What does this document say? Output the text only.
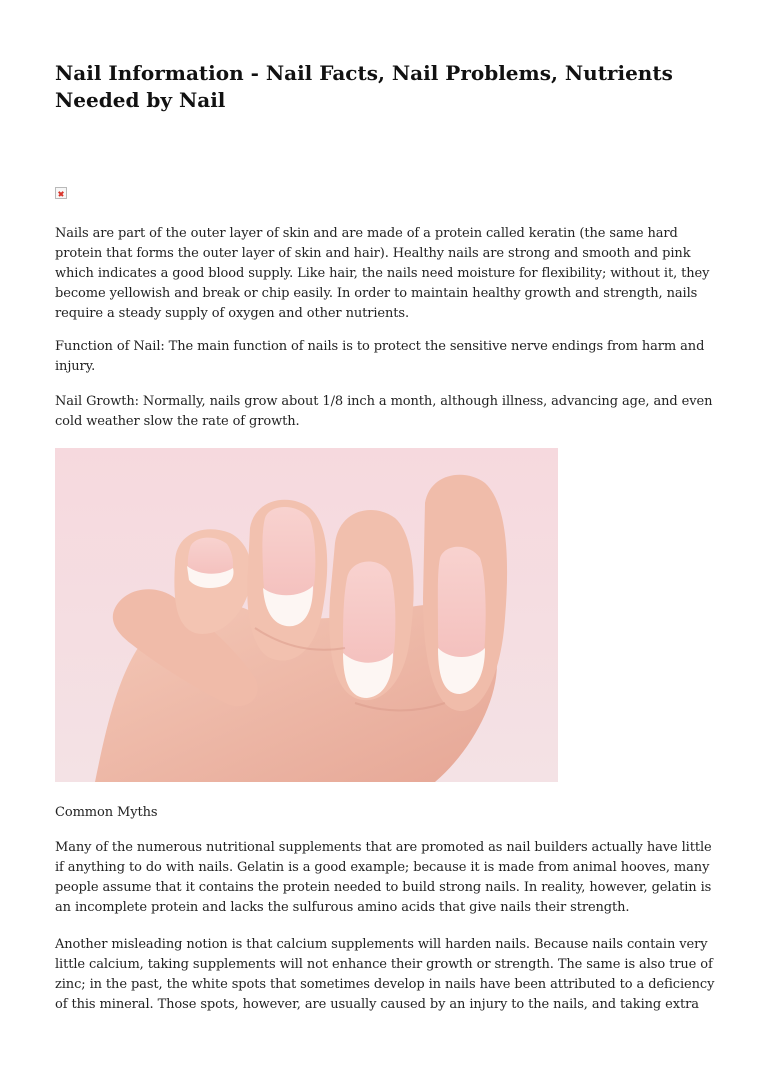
Nail Information - Nail Facts, Nail Problems, Nutrients Needed by Nail

Nails are part of the outer layer of skin and are made of a protein called keratin (the same hard protein that forms the outer layer of skin and hair). Healthy nails are strong and smooth and pink which indicates a good blood supply. Like hair, the nails need moisture for flexibility; without it, they become yellowish and break or chip easily. In order to maintain healthy growth and strength, nails require a steady supply of oxygen and other nutrients.

Function of Nail: The main function of nails is to protect the sensitive nerve endings from harm and injury.

Nail Growth: Normally, nails grow about 1/8 inch a month, although illness, advancing age, and even cold weather slow the rate of growth.

Common Myths

Many of the numerous nutritional supplements that are promoted as nail builders actually have little if anything to do with nails. Gelatin is a good example; because it is made from animal hooves, many people assume that it contains the protein needed to build strong nails. In reality, however, gelatin is an incomplete protein and lacks the sulfurous amino acids that give nails their strength.

Another misleading notion is that calcium supplements will harden nails. Because nails contain very little calcium, taking supplements will not enhance their growth or strength. The same is also true of zinc; in the past, the white spots that sometimes develop in nails have been attributed to a deficiency of this mineral. Those spots, however, are usually caused by an injury to the nails, and taking extra
